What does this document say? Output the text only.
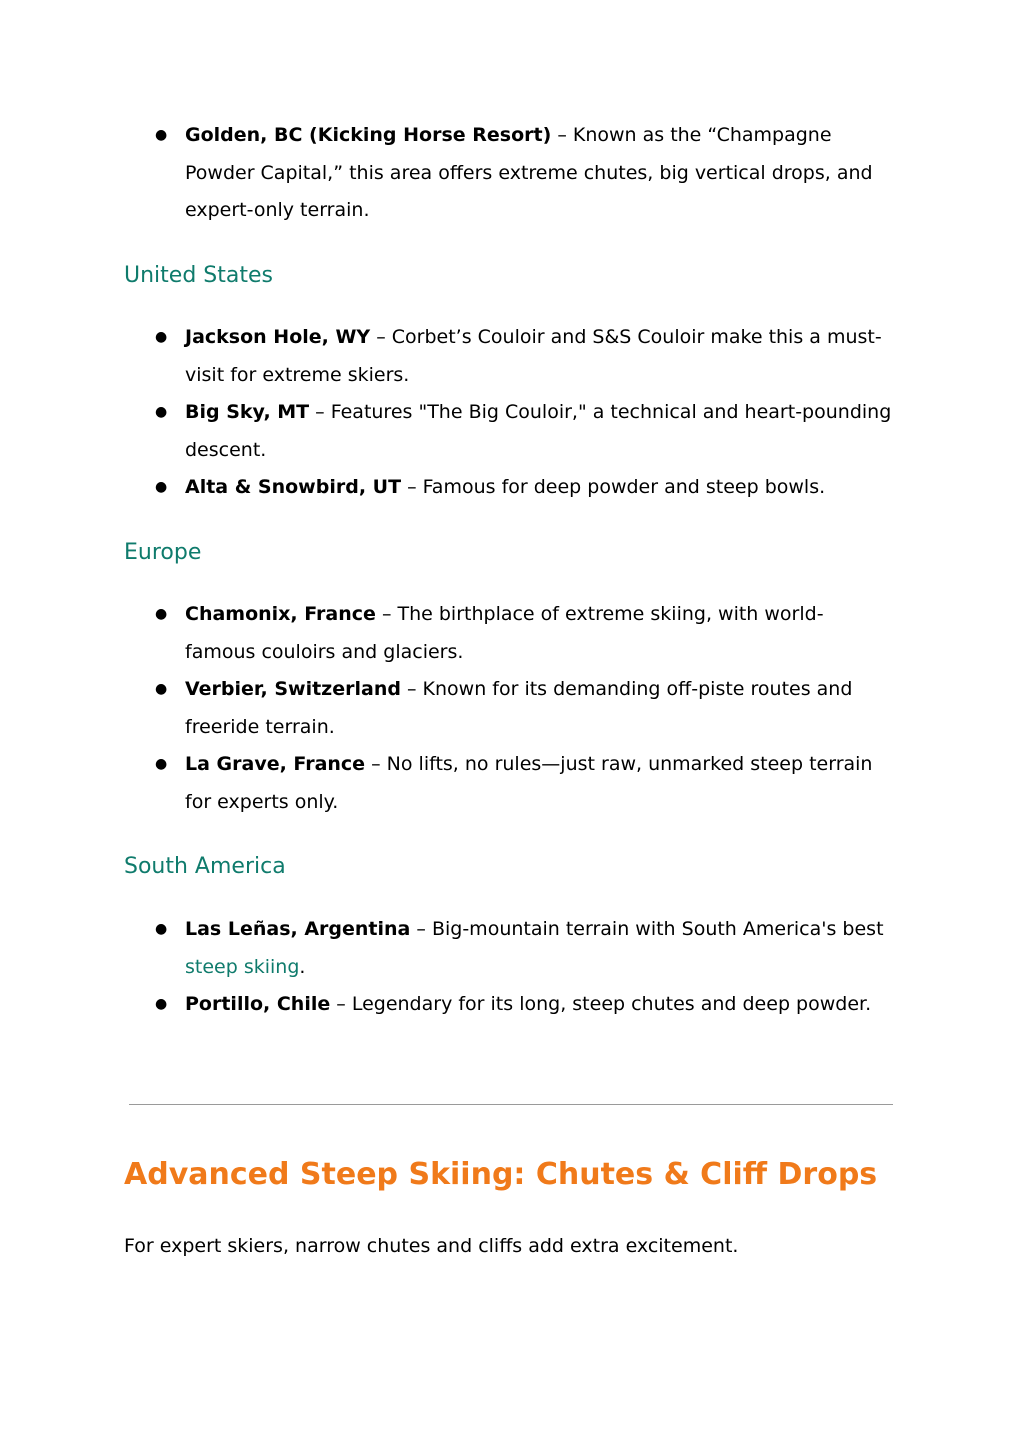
● Golden, BC (Kicking Horse Resort) – Known as the “Champagne Powder Capital,” this area offers extreme chutes, big vertical drops, and expert-only terrain.
United States
● Jackson Hole, WY – Corbet’s Couloir and S&S Couloir make this a must-visit for extreme skiers.
● Big Sky, MT – Features "The Big Couloir," a technical and heart-pounding descent.
● Alta & Snowbird, UT – Famous for deep powder and steep bowls.
Europe
● Chamonix, France – The birthplace of extreme skiing, with world-famous couloirs and glaciers.
● Verbier, Switzerland – Known for its demanding off-piste routes and freeride terrain.
● La Grave, France – No lifts, no rules—just raw, unmarked steep terrain for experts only.
South America
● Las Leñas, Argentina – Big-mountain terrain with South America's best steep skiing.
● Portillo, Chile – Legendary for its long, steep chutes and deep powder.
Advanced Steep Skiing: Chutes & Cliff Drops

For expert skiers, narrow chutes and cliffs add extra excitement.
